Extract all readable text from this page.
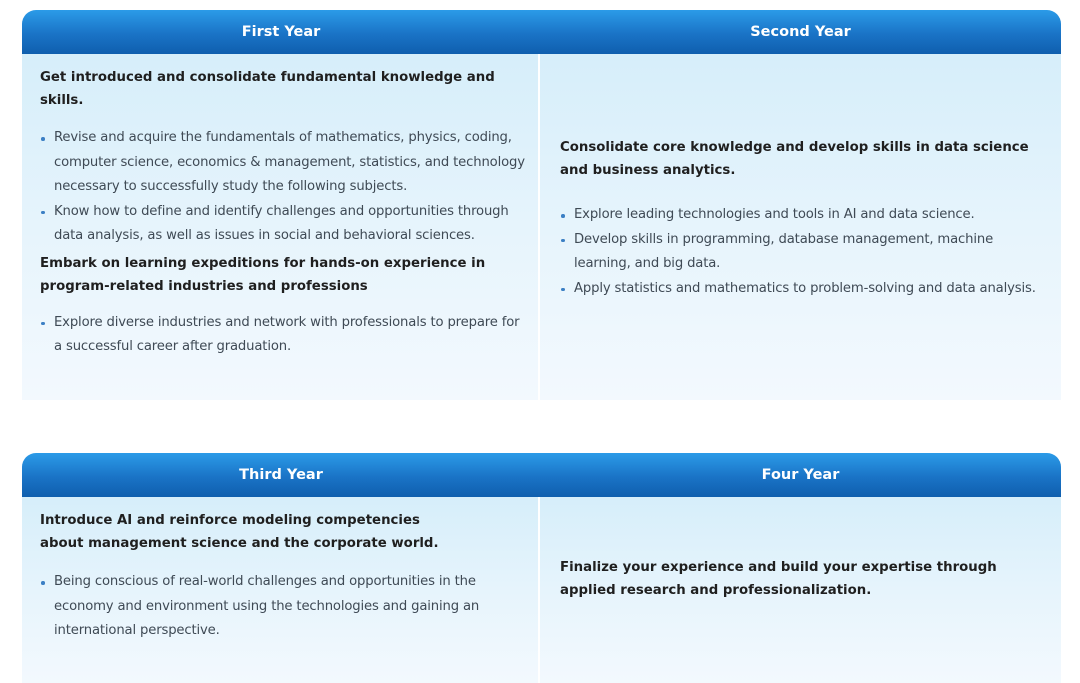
First Year	Second Year

Get introduced and consolidate fundamental knowledge and skills.

Revise and acquire the fundamentals of mathematics, physics, coding, computer science, economics & management, statistics, and technology necessary to successfully study the following subjects.
Know how to define and identify challenges and opportunities through data analysis, as well as issues in social and behavioral sciences.

Embark on learning expeditions for hands-on experience in program-related industries and professions

Explore diverse industries and network with professionals to prepare for a successful career after graduation.

Consolidate core knowledge and develop skills in data science and business analytics.

Explore leading technologies and tools in AI and data science.
Develop skills in programming, database management, machine learning, and big data.
Apply statistics and mathematics to problem-solving and data analysis.
Third Year	Four Year

Introduce AI and reinforce modeling competencies about management science and the corporate world.

Being conscious of real-world challenges and opportunities in the economy and environment using the technologies and gaining an international perspective.

Finalize your experience and build your expertise through applied research and professionalization.
